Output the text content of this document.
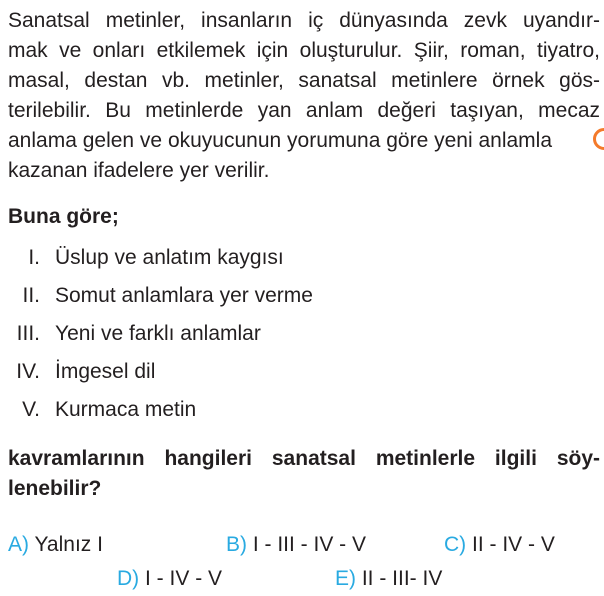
Sanatsal metinler, insanların iç dünyasında zevk uyandır-
mak ve onları etkilemek için oluşturulur. Şiir, roman, tiyatro,
masal, destan vb. metinler, sanatsal metinlere örnek gös-
terilebilir. Bu metinlerde yan anlam değeri taşıyan, mecaz
anlama gelen ve okuyucunun yorumuna göre yeni anlamla
kazanan ifadelere yer verilir.
Buna göre;
I. Üslup ve anlatım kaygısı
II. Somut anlamlara yer verme
III. Yeni ve farklı anlamlar
IV. İmgesel dil
V. Kurmaca metin
kavramlarının hangileri sanatsal metinlerle ilgili söy-
lenebilir?
A) Yalnız I	B) I - III - IV - V	C) II - IV - V
D) I - IV - V	E) II - III- IV
